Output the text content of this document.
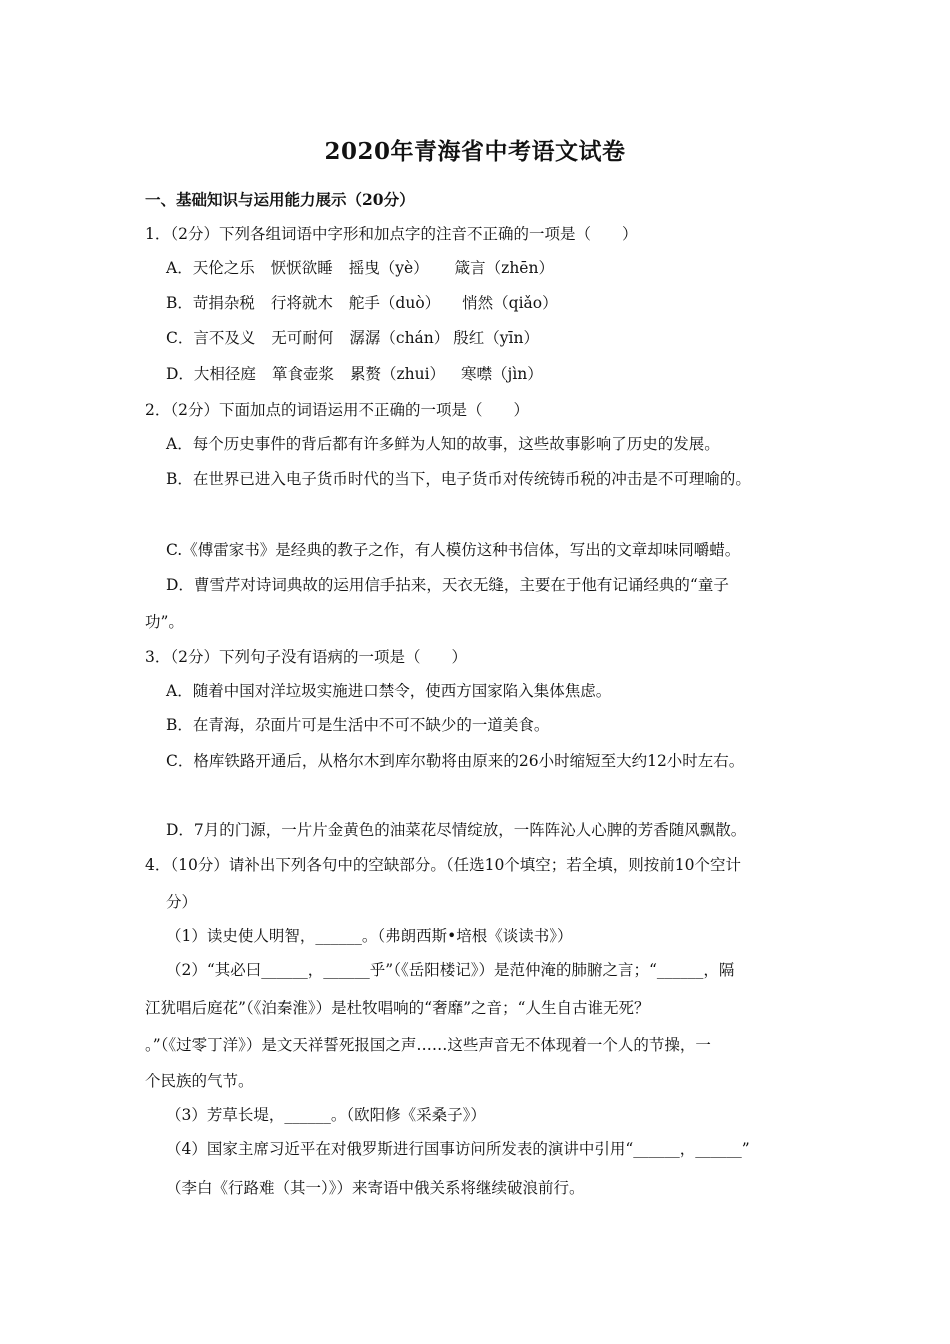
2020年青海省中考语文试卷
一、基础知识与运用能力展示（20分）
1．（2分）下列各组词语中字形和加点字的注音不正确的一项是（　　）
A．天伦之乐 恹恹欲睡 摇曳（yè） 箴言（zhēn）
B．苛捐杂税 行将就木 舵手（duò） 悄然（qiǎo）
C．言不及义 无可耐何 潺潺（chán） 殷红（yīn）
D．大相径庭 箪食壶浆 累赘（zhui） 寒噤（jìn）
2．（2分）下面加点的词语运用不正确的一项是（　　）
A．每个历史事件的背后都有许多鲜为人知的故事，这些故事影响了历史的发展。
B．在世界已进入电子货币时代的当下，电子货币对传统铸币税的冲击是不可理喻的。
C.《傅雷家书》是经典的教子之作，有人模仿这种书信体，写出的文章却味同嚼蜡。
D．曹雪芹对诗词典故的运用信手拈来，天衣无缝，主要在于他有记诵经典的“童子
功”。
3．（2分）下列句子没有语病的一项是（　　）
A．随着中国对洋垃圾实施进口禁令，使西方国家陷入集体焦虑。
B．在青海，尕面片可是生活中不可不缺少的一道美食。
C．格库铁路开通后，从格尔木到库尔勒将由原来的26小时缩短至大约12小时左右。
D．7月的门源，一片片金黄色的油菜花尽情绽放，一阵阵沁人心脾的芳香随风飘散。
4．（10分）请补出下列各句中的空缺部分。（任选10个填空；若全填，则按前10个空计
分）
（1）读史使人明智，______。（弗朗西斯•培根《谈读书》）
（2）“其必曰______，______乎”（《岳阳楼记》）是范仲淹的肺腑之言；“______，隔
江犹唱后庭花”（《泊秦淮》）是杜牧唱响的“奢靡”之音；“人生自古谁无死？
。”（《过零丁洋》）是文天祥誓死报国之声……这些声音无不体现着一个人的节操，一
个民族的气节。
（3）芳草长堤，______。（欧阳修《采桑子》）
（4）国家主席习近平在对俄罗斯进行国事访问所发表的演讲中引用“______，______”
（李白《行路难（其一）》）来寄语中俄关系将继续破浪前行。
